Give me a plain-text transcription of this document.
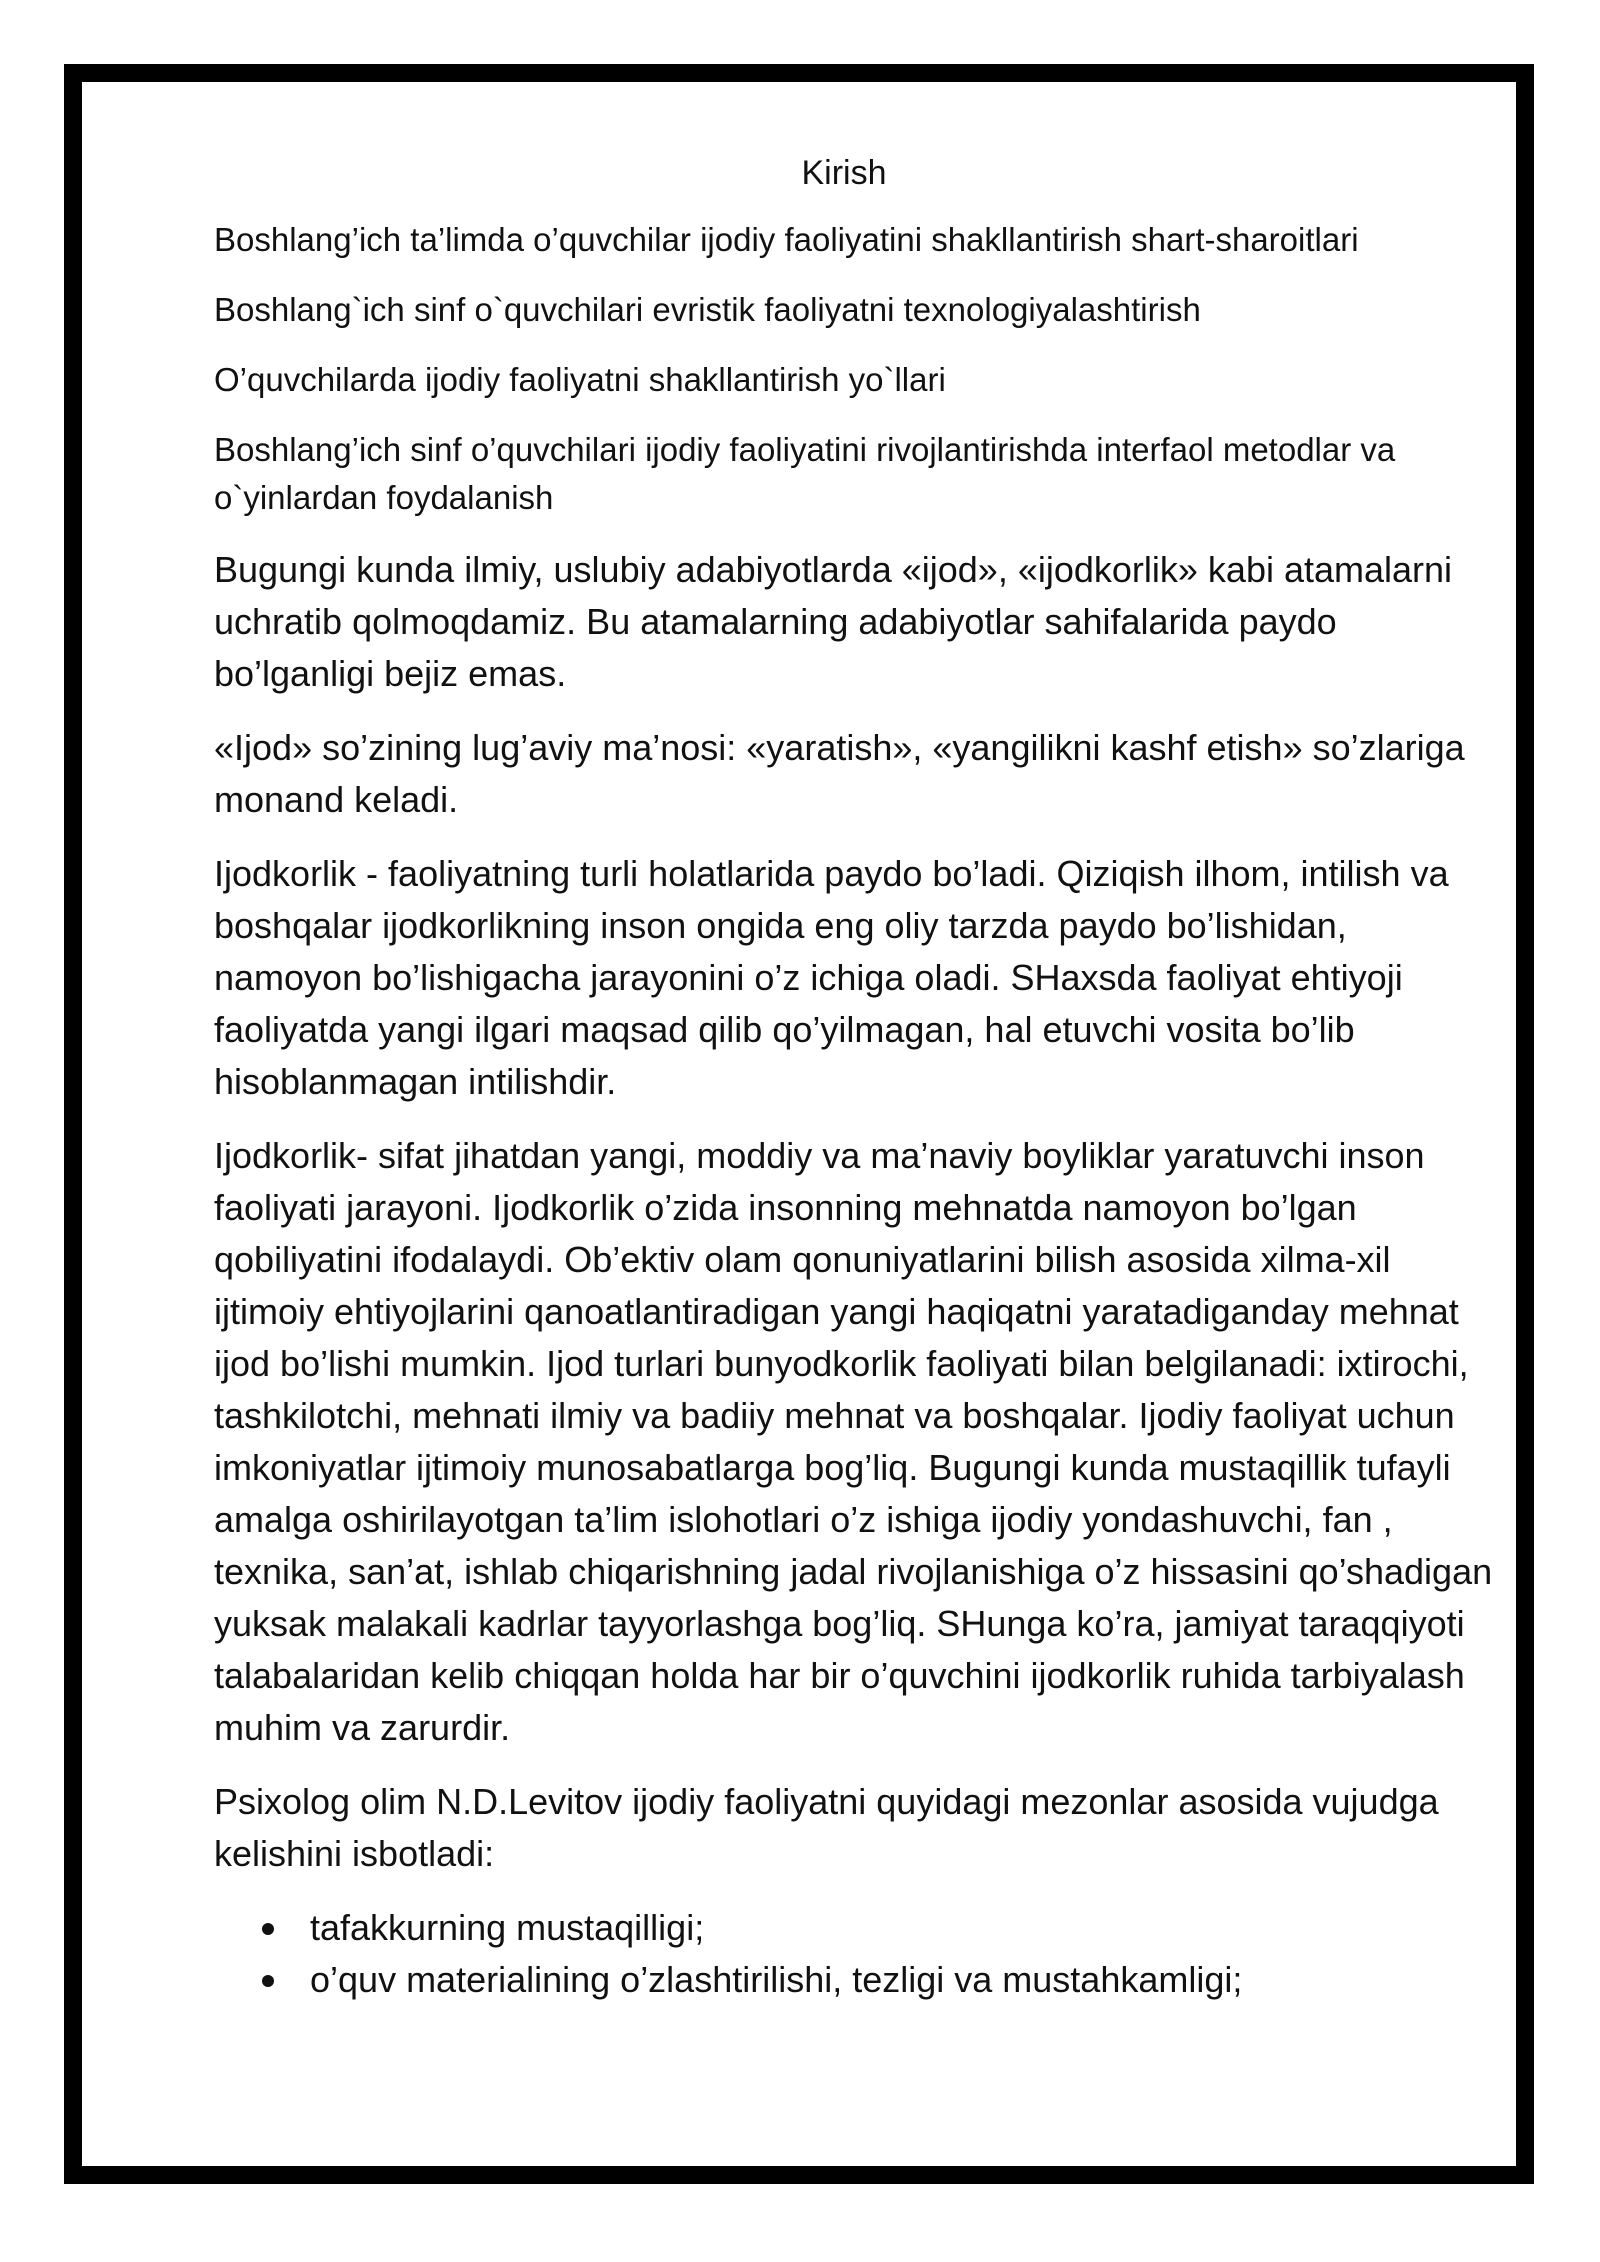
Kirish
Boshlang’ich ta’limda o’quvchilar ijodiy faoliyatini shakllantirish shart-sharoitlari
Boshlang`ich sinf o`quvchilari evristik faoliyatni texnologiyalashtirish
O’quvchilarda ijodiy faoliyatni shakllantirish yo`llari
Boshlang’ich sinf o’quvchilari ijodiy faoliyatini rivojlantirishda interfaol metodlar va o`yinlardan foydalanish

Bugungi kunda ilmiy, uslubiy adabiyotlarda «ijod», «ijodkorlik» kabi atamalarni uchratib qolmoqdamiz. Bu atamalarning adabiyotlar sahifalarida paydo bo’lganligi bejiz emas.

«Ijod» so’zining lug’aviy ma’nosi: «yaratish», «yangilikni kashf etish» so’zlariga monand keladi.

Ijodkorlik - faoliyatning turli holatlarida paydo bo’ladi. Qiziqish ilhom, intilish va boshqalar ijodkorlikning inson ongida eng oliy tarzda paydo bo’lishidan, namoyon bo’lishigacha jarayonini o’z ichiga oladi. SHaxsda faoliyat ehtiyoji faoliyatda yangi ilgari maqsad qilib qo’yilmagan, hal etuvchi vosita bo’lib hisoblanmagan intilishdir.

Ijodkorlik- sifat jihatdan yangi, moddiy va ma’naviy boyliklar yaratuvchi inson faoliyati jarayoni. Ijodkorlik o’zida insonning mehnatda namoyon bo’lgan qobiliyatini ifodalaydi. Ob’ektiv olam qonuniyatlarini bilish asosida xilma-xil ijtimoiy ehtiyojlarini qanoatlantiradigan yangi haqiqatni yaratadiganday mehnat ijod bo’lishi mumkin. Ijod turlari bunyodkorlik faoliyati bilan belgilanadi: ixtirochi, tashkilotchi, mehnati ilmiy va badiiy mehnat va boshqalar. Ijodiy faoliyat uchun imkoniyatlar ijtimoiy munosabatlarga bog’liq. Bugungi kunda mustaqillik tufayli amalga oshirilayotgan ta’lim islohotlari o’z ishiga ijodiy yondashuvchi, fan , texnika, san’at, ishlab chiqarishning jadal rivojlanishiga o’z hissasini qo’shadigan yuksak malakali kadrlar tayyorlashga bog’liq. SHunga ko’ra, jamiyat taraqqiyoti talabalaridan kelib chiqqan holda har bir o’quvchini ijodkorlik ruhida tarbiyalash muhim va zarurdir.

Psixolog olim N.D.Levitov ijodiy faoliyatni quyidagi mezonlar asosida vujudga kelishini isbotladi:

tafakkurning mustaqilligi;
o’quv materialining o’zlashtirilishi, tezligi va mustahkamligi;
